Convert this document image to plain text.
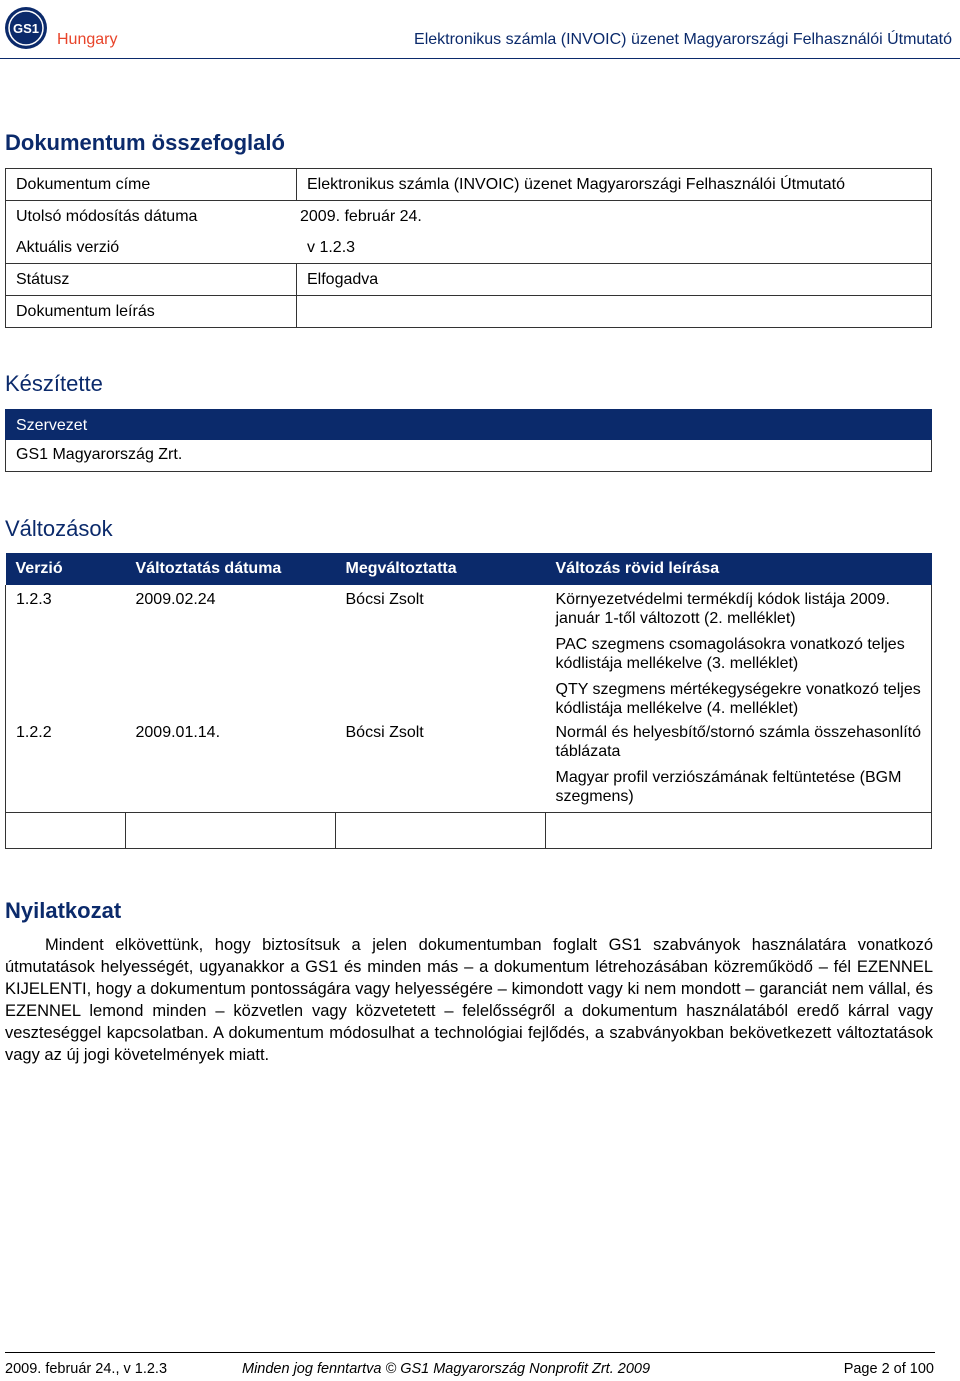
GS1
Hungary	Elektronikus számla (INVOIC) üzenet Magyarországi Felhasználói Útmutató
Dokumentum összefoglaló
Dokumentum címe	Elektronikus számla (INVOIC) üzenet Magyarországi Felhasználói Útmutató
Utolsó módosítás dátuma 2009. február 24.	
Aktuális verzió v 1.2.3	
Státusz	Elfogadva
Dokumentum leírás	
Készítette
Szervezet
GS1 Magyarország Zrt.
Változások
Verzió	Változtatás dátuma	Megváltoztatta	Változás rövid leírása
1.2.3	2009.02.24	Bócsi Zsolt	Környezetvédelmi termékdíj kódok listája 2009. január 1-től változott (2. melléklet)
PAC szegmens csomagolásokra vonatkozó teljes kódlistája mellékelve (3. melléklet)
QTY szegmens mértékegységekre vonatkozó teljes kódlistája mellékelve (4. melléklet)

1.2.2	2009.01.14.	Bócsi Zsolt	Normál és helyesbítő/stornó számla összehasonlító táblázata
Magyar profil verziószámának feltüntetése (BGM szegmens)

Nyilatkozat
Mindent elkövettünk, hogy biztosítsuk a jelen dokumentumban foglalt GS1 szabványok használatára vonatkozó útmutatások helyességét, ugyanakkor a GS1 és minden más – a dokumentum létrehozásában közreműködő – fél EZENNEL KIJELENTI, hogy a dokumentum pontosságára vagy helyességére – kimondott vagy ki nem mondott – garanciát nem vállal, és EZENNEL lemond minden – közvetlen vagy közvetetett – felelősségről a dokumentum használatából eredő kárral vagy veszteséggel kapcsolatban. A dokumentum módosulhat a technológiai fejlődés, a szabványokban bekövetkezett változtatások vagy az új jogi követelmények miatt.
2009. február 24., v 1.2.3	Minden jog fenntartva © GS1 Magyarország Nonprofit Zrt. 2009	Page 2 of 100
